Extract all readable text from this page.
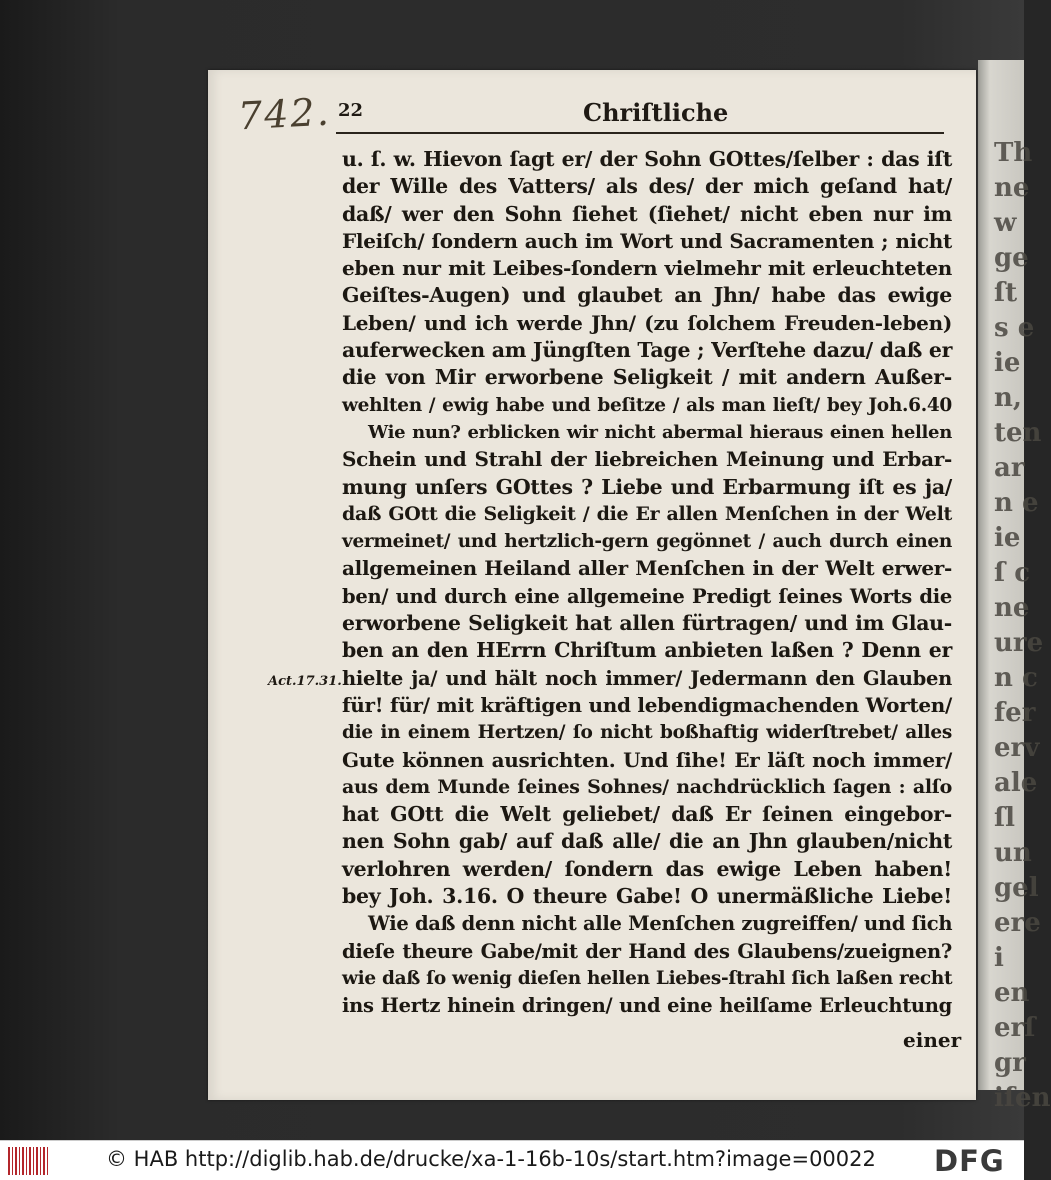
Th
ne
w
ge
ſt
s e
ie
n,
ten
ar
n e
ie
ſ c
ne
ure
n c
fer
erv
ale
ſl
un
gel
ere
i
en
erſ
gr
iſen
742. 22	Chriſtliche
Act.17.31.
u. ſ. w. Hievon ſagt er/ der Sohn GOttes/ſelber : das iſt
der Wille des Vatters/ als des/ der mich geſand hat/
daß/ wer den Sohn ſiehet (ſiehet/ nicht eben nur im
Fleiſch/ ſondern auch im Wort und Sacramenten ; nicht
eben nur mit Leibes-ſondern vielmehr mit erleuchteten
Geiſtes-Augen) und glaubet an Jhn/ habe das ewige
Leben/ und ich werde Jhn/ (zu ſolchem Freuden-leben)
auferwecken am Jüngſten Tage ; Verſtehe dazu/ daß er
die von Mir erworbene Seligkeit / mit andern Außer-
wehlten / ewig habe und beſitze / als man lieſt/ bey Joh.6.40
Wie nun? erblicken wir nicht abermal hieraus einen hellen
Schein und Strahl der liebreichen Meinung und Erbar-
mung unſers GOttes ? Liebe und Erbarmung iſt es ja/
daß GOtt die Seligkeit / die Er allen Menſchen in der Welt
vermeinet/ und hertzlich-gern gegönnet / auch durch einen
allgemeinen Heiland aller Menſchen in der Welt erwer-
ben/ und durch eine allgemeine Predigt ſeines Worts die
erworbene Seligkeit hat allen fürtragen/ und im Glau-
ben an den HErrn Chriſtum anbieten laßen ? Denn er
hielte ja/ und hält noch immer/ Jedermann den Glauben
für! für/ mit kräftigen und lebendigmachenden Worten/
die in einem Hertzen/ ſo nicht boßhaftig widerſtrebet/ alles
Gute können ausrichten. Und ſihe! Er läſt noch immer/
aus dem Munde ſeines Sohnes/ nachdrücklich ſagen : alſo
hat GOtt die Welt geliebet/ daß Er ſeinen eingebor-
nen Sohn gab/ auf daß alle/ die an Jhn glauben/nicht
verlohren werden/ ſondern das ewige Leben haben!
bey Joh. 3.16. O theure Gabe! O unermäßliche Liebe!
Wie daß denn nicht alle Menſchen zugreiffen/ und ſich
dieſe theure Gabe/mit der Hand des Glaubens/zueignen?
wie daß ſo wenig dieſen hellen Liebes-ſtrahl ſich laßen recht
ins Hertz hinein dringen/ und eine heilſame Erleuchtung
einer
© HAB http://diglib.hab.de/drucke/xa-1-16b-10s/start.htm?image=00022 DFG
